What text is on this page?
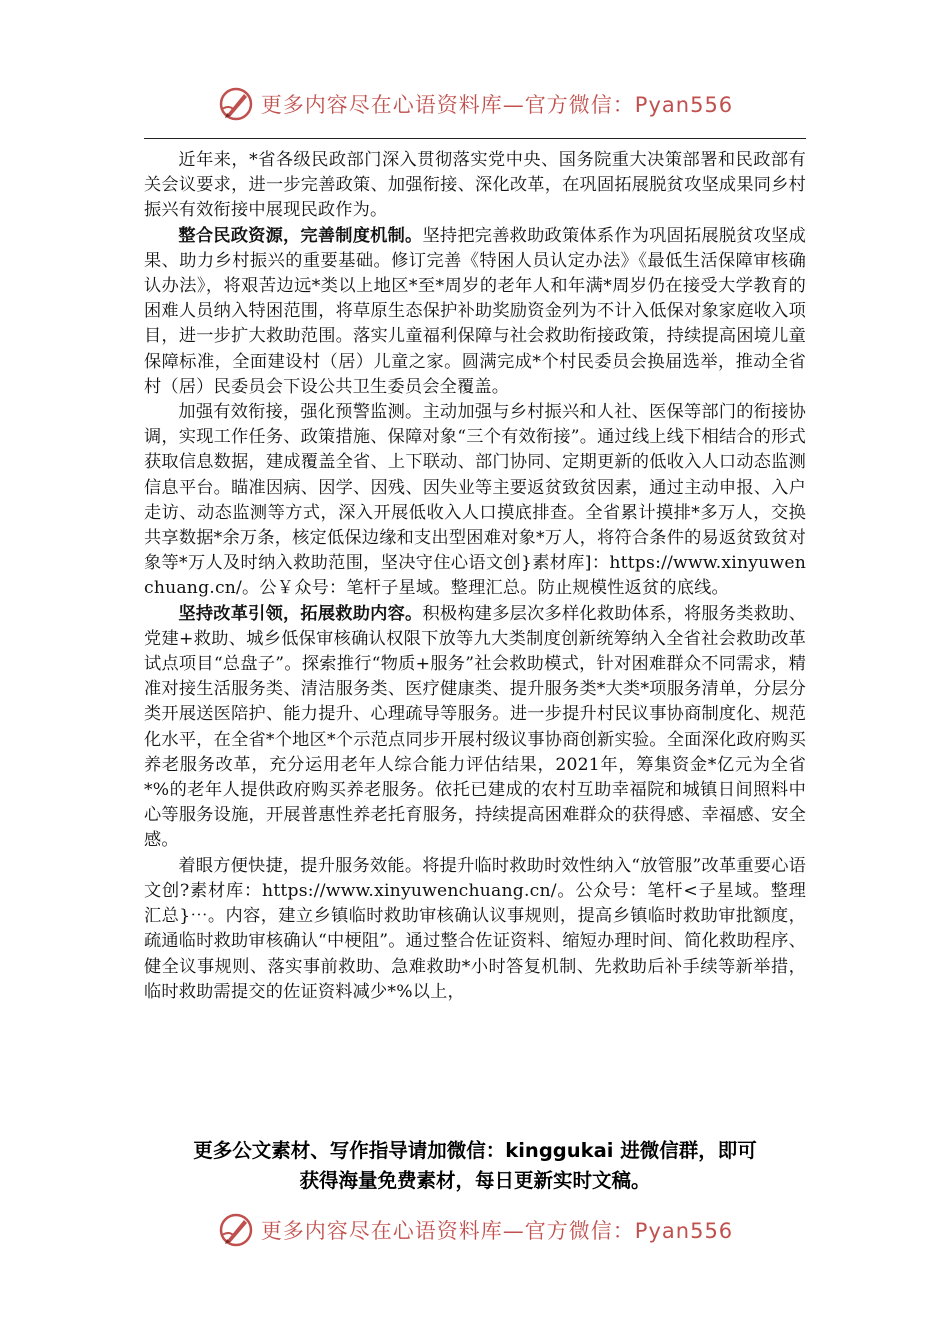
更多内容尽在心语资料库—官方微信：Pyan556

近年来，*省各级民政部门深入贯彻落实党中央、国务院重大决策部署和民政部有关会议要求，进一步完善政策、加强衔接、深化改革，在巩固拓展脱贫攻坚成果同乡村振兴有效衔接中展现民政作为。

整合民政资源，完善制度机制。坚持把完善救助政策体系作为巩固拓展脱贫攻坚成果、助力乡村振兴的重要基础。修订完善《特困人员认定办法》《最低生活保障审核确认办法》，将艰苦边远*类以上地区*至*周岁的老年人和年满*周岁仍在接受大学教育的困难人员纳入特困范围，将草原生态保护补助奖励资金列为不计入低保对象家庭收入项目，进一步扩大救助范围。落实儿童福利保障与社会救助衔接政策，持续提高困境儿童保障标准，全面建设村（居）儿童之家。圆满完成*个村民委员会换届选举，推动全省村（居）民委员会下设公共卫生委员会全覆盖。

加强有效衔接，强化预警监测。主动加强与乡村振兴和人社、医保等部门的衔接协调，实现工作任务、政策措施、保障对象“三个有效衔接”。通过线上线下相结合的形式获取信息数据，建成覆盖全省、上下联动、部门协同、定期更新的低收入人口动态监测信息平台。瞄准因病、因学、因残、因失业等主要返贫致贫因素，通过主动申报、入户走访、动态监测等方式，深入开展低收入人口摸底排查。全省累计摸排*多万人，交换共享数据*余万条，核定低保边缘和支出型困难对象*万人，将符合条件的易返贫致贫对象等*万人及时纳入救助范围，坚决守住心语文创}素材库]：https://www.xinyuwenchuang.cn/。公￥众号：笔杆子星域。整理汇总。防止规模性返贫的底线。

坚持改革引领，拓展救助内容。积极构建多层次多样化救助体系，将服务类救助、党建+救助、城乡低保审核确认权限下放等九大类制度创新统筹纳入全省社会救助改革试点项目“总盘子”。探索推行“物质+服务”社会救助模式，针对困难群众不同需求，精准对接生活服务类、清洁服务类、医疗健康类、提升服务类*大类*项服务清单，分层分类开展送医陪护、能力提升、心理疏导等服务。进一步提升村民议事协商制度化、规范化水平，在全省*个地区*个示范点同步开展村级议事协商创新实验。全面深化政府购买养老服务改革，充分运用老年人综合能力评估结果，2021年，筹集资金*亿元为全省*%的老年人提供政府购买养老服务。依托已建成的农村互助幸福院和城镇日间照料中心等服务设施，开展普惠性养老托育服务，持续提高困难群众的获得感、幸福感、安全感。

着眼方便快捷，提升服务效能。将提升临时救助时效性纳入“放管服”改革重要心语文创?素材库：https://www.xinyuwenchuang.cn/。公众号：笔杆<子星域。整理汇总}⋯。内容，建立乡镇临时救助审核确认议事规则，提高乡镇临时救助审批额度，疏通临时救助审核确认“中梗阻”。通过整合佐证资料、缩短办理时间、简化救助程序、健全议事规则、落实事前救助、急难救助*小时答复机制、先救助后补手续等新举措，临时救助需提交的佐证资料减少*%以上，

更多公文素材、写作指导请加微信：kinggukai 进微信群，即可
获得海量免费素材，每日更新实时文稿。
更多内容尽在心语资料库—官方微信：Pyan556
